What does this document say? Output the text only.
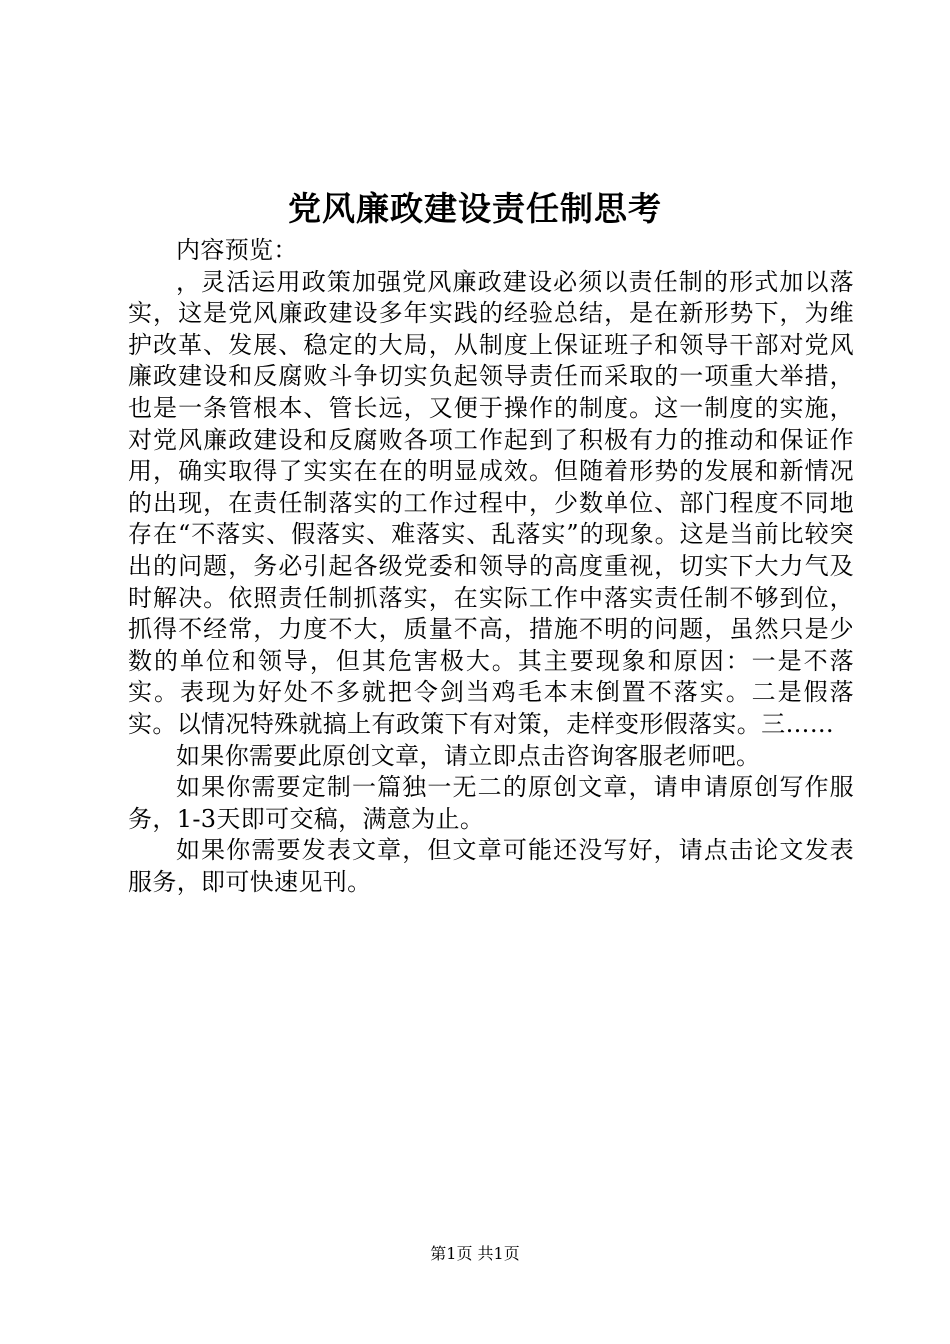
党风廉政建设责任制思考

内容预览：

，灵活运用政策加强党风廉政建设必须以责任制的形式加以落实，这是党风廉政建设多年实践的经验总结，是在新形势下，为维护改革、发展、稳定的大局，从制度上保证班子和领导干部对党风廉政建设和反腐败斗争切实负起领导责任而采取的一项重大举措，也是一条管根本、管长远，又便于操作的制度。这一制度的实施，对党风廉政建设和反腐败各项工作起到了积极有力的推动和保证作用，确实取得了实实在在的明显成效。但随着形势的发展和新情况的出现，在责任制落实的工作过程中，少数单位、部门程度不同地存在“不落实、假落实、难落实、乱落实”的现象。这是当前比较突出的问题，务必引起各级党委和领导的高度重视，切实下大力气及时解决。依照责任制抓落实，在实际工作中落实责任制不够到位，抓得不经常，力度不大，质量不高，措施不明的问题，虽然只是少数的单位和领导，但其危害极大。其主要现象和原因：一是不落实。表现为好处不多就把令剑当鸡毛本末倒置不落实。二是假落实。以情况特殊就搞上有政策下有对策，走样变形假落实。三……

如果你需要此原创文章，请立即点击咨询客服老师吧。

如果你需要定制一篇独一无二的原创文章，请申请原创写作服务，1-3天即可交稿，满意为止。

如果你需要发表文章，但文章可能还没写好，请点击论文发表服务，即可快速见刊。

第1页 共1页
